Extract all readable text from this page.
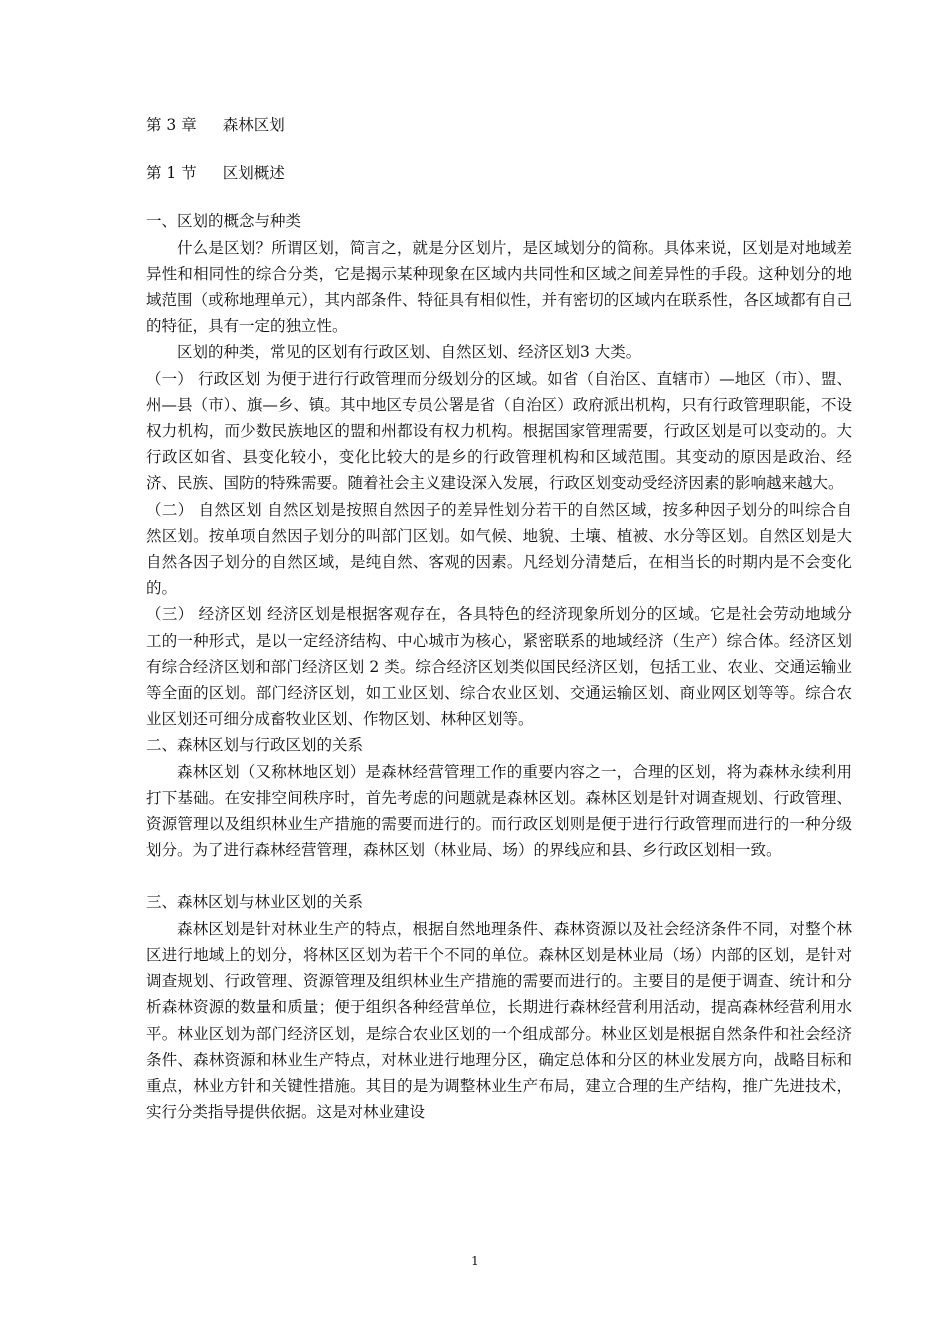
第 3 章 森林区划
第 1 节 区划概述
一、区划的概念与种类

什么是区划？所谓区划，简言之，就是分区划片，是区域划分的简称。具体来说，区划是对地域差异性和相同性的综合分类，它是揭示某种现象在区域内共同性和区域之间差异性的手段。这种划分的地域范围（或称地理单元），其内部条件、特征具有相似性，并有密切的区域内在联系性，各区域都有自己的特征，具有一定的独立性。

区划的种类，常见的区划有行政区划、自然区划、经济区划3 大类。

（一） 行政区划 为便于进行行政管理而分级划分的区域。如省（自治区、直辖市）—地区（市）、盟、州—县（市）、旗—乡、镇。其中地区专员公署是省（自治区）政府派出机构，只有行政管理职能，不设权力机构，而少数民族地区的盟和州都设有权力机构。根据国家管理需要，行政区划是可以变动的。大行政区如省、县变化较小，变化比较大的是乡的行政管理机构和区域范围。其变动的原因是政治、经济、民族、国防的特殊需要。随着社会主义建设深入发展，行政区划变动受经济因素的影响越来越大。

（二） 自然区划 自然区划是按照自然因子的差异性划分若干的自然区域，按多种因子划分的叫综合自然区划。按单项自然因子划分的叫部门区划。如气候、地貌、土壤、植被、水分等区划。自然区划是大自然各因子划分的自然区域，是纯自然、客观的因素。凡经划分清楚后，在相当长的时期内是不会变化的。

（三） 经济区划 经济区划是根据客观存在，各具特色的经济现象所划分的区域。它是社会劳动地域分工的一种形式，是以一定经济结构、中心城市为核心，紧密联系的地域经济（生产）综合体。经济区划有综合经济区划和部门经济区划 2 类。综合经济区划类似国民经济区划，包括工业、农业、交通运输业等全面的区划。部门经济区划，如工业区划、综合农业区划、交通运输区划、商业网区划等等。综合农业区划还可细分成畜牧业区划、作物区划、林种区划等。

二、森林区划与行政区划的关系

森林区划（又称林地区划）是森林经营管理工作的重要内容之一，合理的区划，将为森林永续利用打下基础。在安排空间秩序时，首先考虑的问题就是森林区划。森林区划是针对调查规划、行政管理、资源管理以及组织林业生产措施的需要而进行的。而行政区划则是便于进行行政管理而进行的一种分级划分。为了进行森林经营管理，森林区划（林业局、场）的界线应和县、乡行政区划相一致。

三、森林区划与林业区划的关系

森林区划是针对林业生产的特点，根据自然地理条件、森林资源以及社会经济条件不同，对整个林区进行地域上的划分，将林区区划为若干个不同的单位。森林区划是林业局（场）内部的区划，是针对调查规划、行政管理、资源管理及组织林业生产措施的需要而进行的。主要目的是便于调查、统计和分析森林资源的数量和质量；便于组织各种经营单位，长期进行森林经营利用活动，提高森林经营利用水平。林业区划为部门经济区划，是综合农业区划的一个组成部分。林业区划是根据自然条件和社会经济条件、森林资源和林业生产特点，对林业进行地理分区，确定总体和分区的林业发展方向，战略目标和重点，林业方针和关键性措施。其目的是为调整林业生产布局，建立合理的生产结构，推广先进技术，实行分类指导提供依据。这是对林业建设

1
